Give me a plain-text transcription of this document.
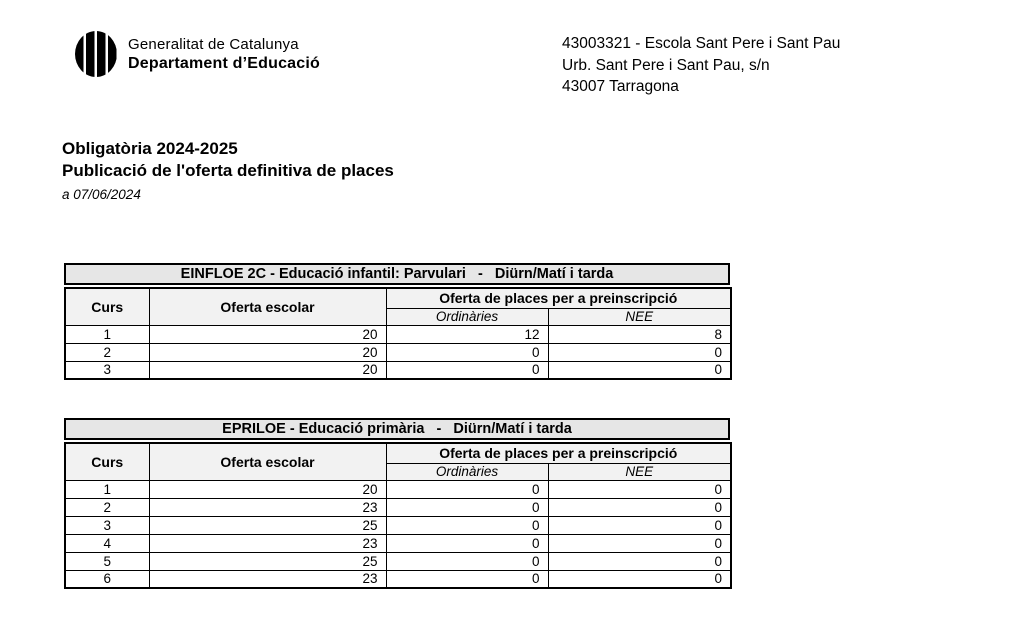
Generalitat de Catalunya
Departament d’Educació
43003321 - Escola Sant Pere i Sant Pau
Urb. Sant Pere i Sant Pau, s/n
43007 Tarragona
Obligatòria 2024-2025
Publicació de l'oferta definitiva de places
a 07/06/2024
EINFLOE 2C - Educació infantil: Parvulari   -   Diürn/Matí i tarda
Curs	Oferta escolar	Oferta de places per a preinscripció	
		Ordinàries	NEE
1	20	12	8
2	20	0	0
3	20	0	0
EPRILOE - Educació primària   -   Diürn/Matí i tarda
Curs	Oferta escolar	Oferta de places per a preinscripció	
		Ordinàries	NEE
1	20	0	0
2	23	0	0
3	25	0	0
4	23	0	0
5	25	0	0
6	23	0	0
